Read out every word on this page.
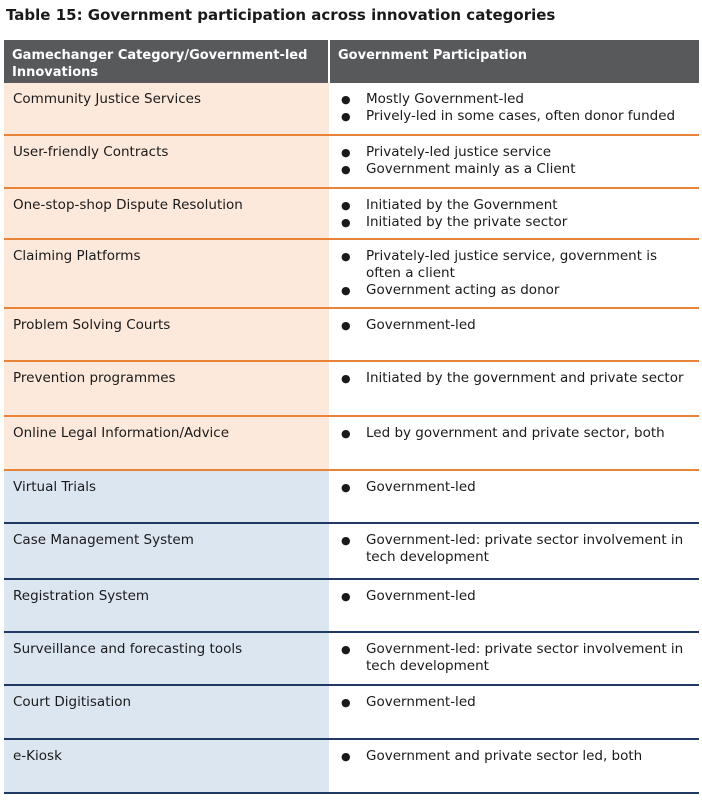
Table 15: Government participation across innovation categories
Gamechanger Category/Government-led Innovations	Government Participation
Community Justice Services	● Mostly Government-led
● Prively-led in some cases, often donor funded

User-friendly Contracts	● Privately-led justice service
● Government mainly as a Client

One-stop-shop Dispute Resolution	● Initiated by the Government
● Initiated by the private sector

Claiming Platforms	● Privately-led justice service, government is often a client
● Government acting as donor

Problem Solving Courts	● Government-led

Prevention programmes	● Initiated by the government and private sector

Online Legal Information/Advice	● Led by government and private sector, both

Virtual Trials	● Government-led

Case Management System	● Government-led: private sector involvement in tech development

Registration System	● Government-led

Surveillance and forecasting tools	● Government-led: private sector involvement in tech development

Court Digitisation	● Government-led

e-Kiosk	● Government and private sector led, both
